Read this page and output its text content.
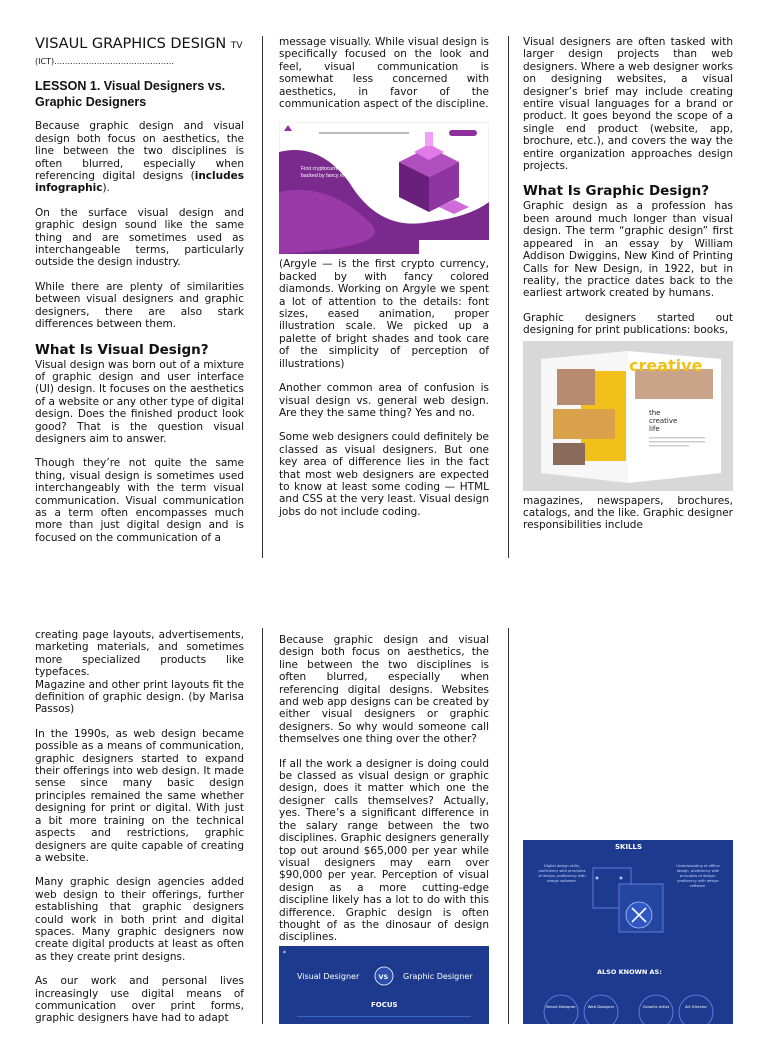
VISAUL GRAPHICS DESIGN TV
(ICT)………………………………………
LESSON 1. Visual Designers vs. Graphic Designers

Because graphic design and visual design both focus on aesthetics, the line between the two disciplines is often blurred, especially when referencing digital designs (includes infographic).

On the surface visual design and graphic design sound like the same thing and are sometimes used as interchangeable terms, particularly outside the design industry.

While there are plenty of similarities between visual designers and graphic designers, there are also stark differences between them.

What Is Visual Design?

Visual design was born out of a mixture of graphic design and user interface (UI) design. It focuses on the aesthetics of a website or any other type of digital design. Does the finished product look good? That is the question visual designers aim to answer.

Though they’re not quite the same thing, visual design is sometimes used interchangeably with the term visual communication. Visual communication as a term often encompasses much more than just digital design and is focused on the communication of a

message visually. While visual design is specifically focused on the look and feel, visual communication is somewhat less concerned with aesthetics, in favor of the communication aspect of the discipline.

First cryptocurrency
backed by fancy metals

(Argyle — is the first crypto currency, backed by with fancy colored diamonds. Working on Argyle we spent a lot of attention to the details: font sizes, eased animation, proper illustration scale. We picked up a palette of bright shades and took care of the simplicity of perception of illustrations)

Another common area of confusion is visual design vs. general web design. Are they the same thing? Yes and no.

Some web designers could definitely be classed as visual designers. But one key area of difference lies in the fact that most web designers are expected to know at least some coding — HTML and CSS at the very least. Visual design jobs do not include coding.

Visual designers are often tasked with larger design projects than web designers. Where a web designer works on designing websites, a visual designer’s brief may include creating entire visual languages for a brand or product. It goes beyond the scope of a single end product (website, app, brochure, etc.), and covers the way the entire organization approaches design projects.

What Is Graphic Design?

Graphic design as a profession has been around much longer than visual design. The term “graphic design” first appeared in an essay by William Addison Dwiggins, New Kind of Printing Calls for New Design, in 1922, but in reality, the practice dates back to the earliest artwork created by humans.

Graphic designers started out designing for print publications: books,

creative
the
creative
life

magazines, newspapers, brochures, catalogs, and the like. Graphic designer responsibilities include

creating page layouts, advertisements, marketing materials, and sometimes more specialized products like typefaces.

Magazine and other print layouts fit the definition of graphic design. (by Marisa Passos)

In the 1990s, as web design became possible as a means of communication, graphic designers started to expand their offerings into web design. It made sense since many basic design principles remained the same whether designing for print or digital. With just a bit more training on the technical aspects and restrictions, graphic designers are quite capable of creating a website.

Many graphic design agencies added web design to their offerings, further establishing that graphic designers could work in both print and digital spaces. Many graphic designers now create digital products at least as often as they create print designs.

As our work and personal lives increasingly use digital means of communication over print forms, graphic designers have had to adapt

Because graphic design and visual design both focus on aesthetics, the line between the two disciplines is often blurred, especially when referencing digital designs. Websites and web app designs can be created by either visual designers or graphic designers. So why would someone call themselves one thing over the other?

If all the work a designer is doing could be classed as visual design or graphic design, does it matter which one the designer calls themselves? Actually, yes. There’s a significant difference in the salary range between the two disciplines. Graphic designers generally top out around $65,000 per year while visual designers may earn over $90,000 per year. Perception of visual design as a more cutting-edge discipline likely has a lot to do with this difference. Graphic design is often thought of as the dinosaur of design disciplines.

*
Visual Designer	VS Graphic Designer
FOCUS
SKILLS
Digital design skills, proficiency with principles of design, proficiency with design software.
Understanding of offline design, proficiency with principles of design, proficiency with design software.
ALSO KNOWN AS:
Brand Designer	Web Designer	Graphic Artist	Art Director
